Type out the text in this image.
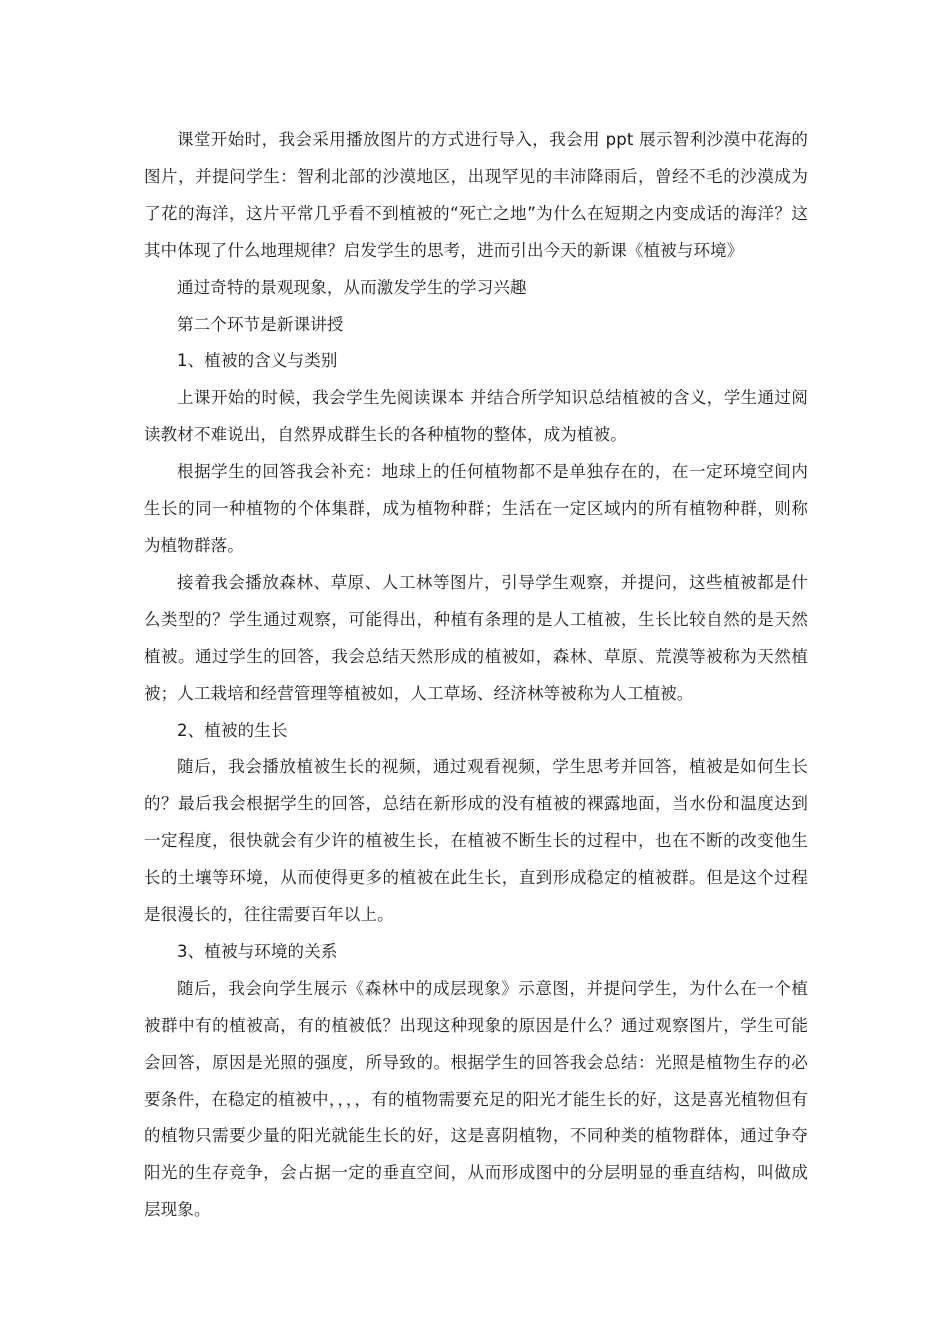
课堂开始时，我会采用播放图片的方式进行导入，我会用 ppt 展示智利沙漠中花海的图片，并提问学生：智利北部的沙漠地区，出现罕见的丰沛降雨后，曾经不毛的沙漠成为了花的海洋，这片平常几乎看不到植被的“死亡之地”为什么在短期之内变成话的海洋？这其中体现了什么地理规律？启发学生的思考，进而引出今天的新课《植被与环境》

通过奇特的景观现象，从而激发学生的学习兴趣

第二个环节是新课讲授

1、植被的含义与类别

上课开始的时候，我会学生先阅读课本 并结合所学知识总结植被的含义，学生通过阅读教材不难说出，自然界成群生长的各种植物的整体，成为植被。

根据学生的回答我会补充：地球上的任何植物都不是单独存在的，在一定环境空间内生长的同一种植物的个体集群，成为植物种群；生活在一定区域内的所有植物种群，则称为植物群落。

接着我会播放森林、草原、人工林等图片，引导学生观察，并提问，这些植被都是什么类型的？学生通过观察，可能得出，种植有条理的是人工植被，生长比较自然的是天然植被。通过学生的回答，我会总结天然形成的植被如，森林、草原、荒漠等被称为天然植被；人工栽培和经营管理等植被如，人工草场、经济林等被称为人工植被。

2、植被的生长

随后，我会播放植被生长的视频，通过观看视频，学生思考并回答，植被是如何生长的？最后我会根据学生的回答，总结在新形成的没有植被的裸露地面，当水份和温度达到一定程度，很快就会有少许的植被生长，在植被不断生长的过程中，也在不断的改变他生长的土壤等环境，从而使得更多的植被在此生长，直到形成稳定的植被群。但是这个过程是很漫长的，往往需要百年以上。

3、植被与环境的关系

随后，我会向学生展示《森林中的成层现象》示意图，并提问学生，为什么在一个植被群中有的植被高，有的植被低？出现这种现象的原因是什么？通过观察图片，学生可能会回答，原因是光照的强度，所导致的。根据学生的回答我会总结：光照是植物生存的必要条件，在稳定的植被中，，，，有的植物需要充足的阳光才能生长的好，这是喜光植物但有的植物只需要少量的阳光就能生长的好，这是喜阴植物，不同种类的植物群体，通过争夺阳光的生存竞争，会占据一定的垂直空间，从而形成图中的分层明显的垂直结构，叫做成层现象。
